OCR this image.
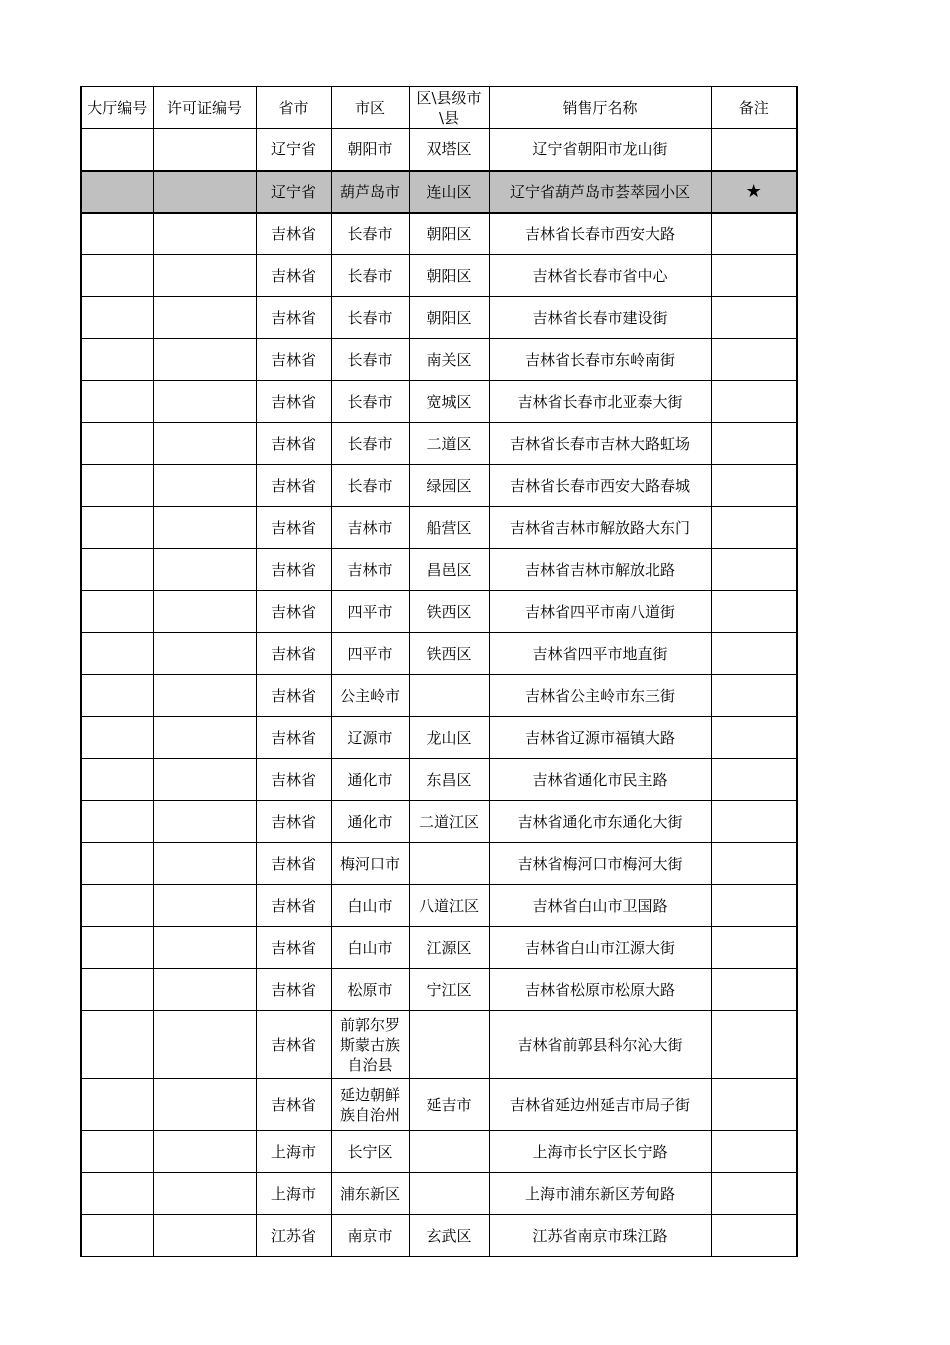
大厅编号	许可证编号	省市	市区	区\县级市\县	销售厅名称	备注
		辽宁省	朝阳市	双塔区	辽宁省朝阳市龙山街	
		辽宁省	葫芦岛市	连山区	辽宁省葫芦岛市荟萃园小区	★
		吉林省	长春市	朝阳区	吉林省长春市西安大路	
		吉林省	长春市	朝阳区	吉林省长春市省中心	
		吉林省	长春市	朝阳区	吉林省长春市建设街	
		吉林省	长春市	南关区	吉林省长春市东岭南街	
		吉林省	长春市	宽城区	吉林省长春市北亚泰大街	
		吉林省	长春市	二道区	吉林省长春市吉林大路虹场	
		吉林省	长春市	绿园区	吉林省长春市西安大路春城	
		吉林省	吉林市	船营区	吉林省吉林市解放路大东门	
		吉林省	吉林市	昌邑区	吉林省吉林市解放北路	
		吉林省	四平市	铁西区	吉林省四平市南八道街	
		吉林省	四平市	铁西区	吉林省四平市地直街	
		吉林省	公主岭市		吉林省公主岭市东三街	
		吉林省	辽源市	龙山区	吉林省辽源市福镇大路	
		吉林省	通化市	东昌区	吉林省通化市民主路	
		吉林省	通化市	二道江区	吉林省通化市东通化大街	
		吉林省	梅河口市		吉林省梅河口市梅河大街	
		吉林省	白山市	八道江区	吉林省白山市卫国路	
		吉林省	白山市	江源区	吉林省白山市江源大街	
		吉林省	松原市	宁江区	吉林省松原市松原大路	
		吉林省	前郭尔罗斯蒙古族自治县		吉林省前郭县科尔沁大街	
		吉林省	延边朝鲜族自治州	延吉市	吉林省延边州延吉市局子街	
		上海市	长宁区		上海市长宁区长宁路	
		上海市	浦东新区		上海市浦东新区芳甸路	
		江苏省	南京市	玄武区	江苏省南京市珠江路	
